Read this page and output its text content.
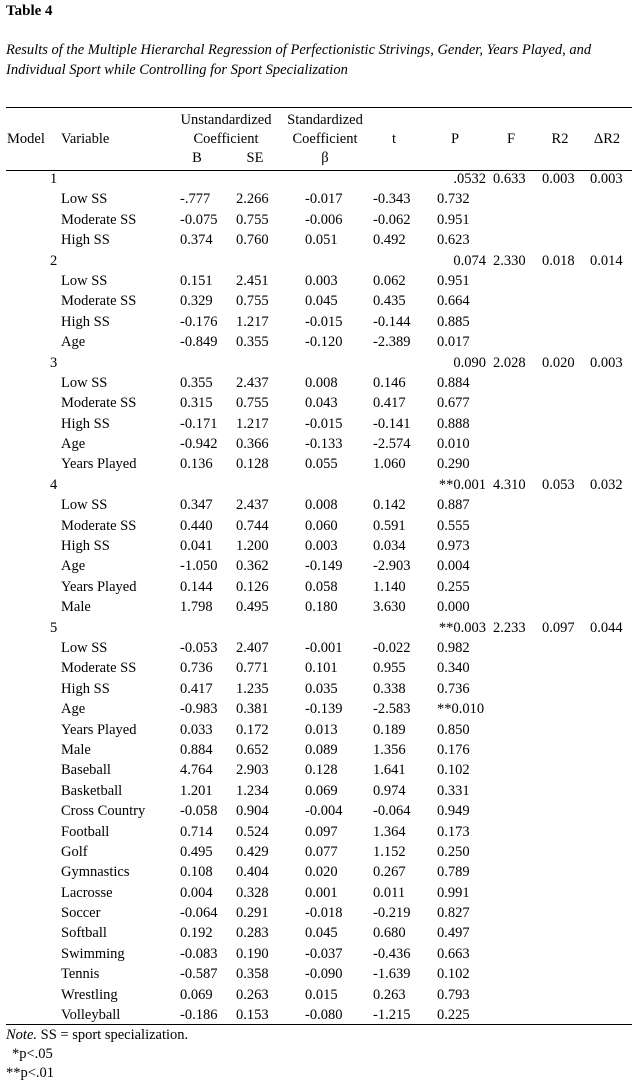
Table 4
Results of the Multiple Hierarchal Regression of Perfectionistic Strivings, Gender, Years Played, and Individual Sport while Controlling for Sport Specialization
Model Variable
Unstandardized
Coefficient
B	SE
Standardized
Coefficient
β
t	P	F	R2 ΔR2
1	.0532 0.633 0.003 0.003
Low SS	-.777 2.266	-0.017 -0.343 0.732
Moderate SS	-0.075 0.755	-0.006 -0.062 0.951
High SS	0.374 0.760	0.051 0.492 0.623
2	0.074 2.330 0.018 0.014
Low SS	0.151 2.451	0.003 0.062 0.951
Moderate SS	0.329 0.755	0.045 0.435 0.664
High SS	-0.176 1.217	-0.015 -0.144 0.885
Age	-0.849 0.355	-0.120 -2.389 0.017
3	0.090 2.028 0.020 0.003
Low SS	0.355 2.437	0.008 0.146 0.884
Moderate SS	0.315 0.755	0.043 0.417 0.677
High SS	-0.171 1.217	-0.015 -0.141 0.888
Age	-0.942 0.366	-0.133 -2.574 0.010
Years Played	0.136 0.128	0.055 1.060 0.290
4	**0.001 4.310 0.053 0.032
Low SS	0.347 2.437	0.008 0.142 0.887
Moderate SS	0.440 0.744	0.060 0.591 0.555
High SS	0.041 1.200	0.003 0.034 0.973
Age	-1.050 0.362	-0.149 -2.903 0.004
Years Played	0.144 0.126	0.058 1.140 0.255
Male	1.798 0.495	0.180 3.630 0.000
5	**0.003 2.233 0.097 0.044
Low SS	-0.053 2.407	-0.001 -0.022 0.982
Moderate SS	0.736 0.771	0.101 0.955 0.340
High SS	0.417 1.235	0.035 0.338 0.736
Age	-0.983 0.381	-0.139 -2.583 **0.010
Years Played	0.033 0.172	0.013 0.189 0.850
Male	0.884 0.652	0.089 1.356 0.176
Baseball	4.764 2.903	0.128 1.641 0.102
Basketball	1.201 1.234	0.069 0.974 0.331
Cross Country -0.058 0.904	-0.004 -0.064 0.949
Football	0.714 0.524	0.097 1.364 0.173
Golf	0.495 0.429	0.077 1.152 0.250
Gymnastics	0.108 0.404	0.020 0.267 0.789
Lacrosse	0.004 0.328	0.001 0.011 0.991
Soccer	-0.064 0.291	-0.018 -0.219 0.827
Softball	0.192 0.283	0.045 0.680 0.497
Swimming	-0.083 0.190	-0.037 -0.436 0.663
Tennis	-0.587 0.358	-0.090 -1.639 0.102
Wrestling	0.069 0.263	0.015 0.263 0.793
Volleyball	-0.186 0.153	-0.080 -1.215 0.225
Note. SS = sport specialization.
*p<.05
**p<.01
